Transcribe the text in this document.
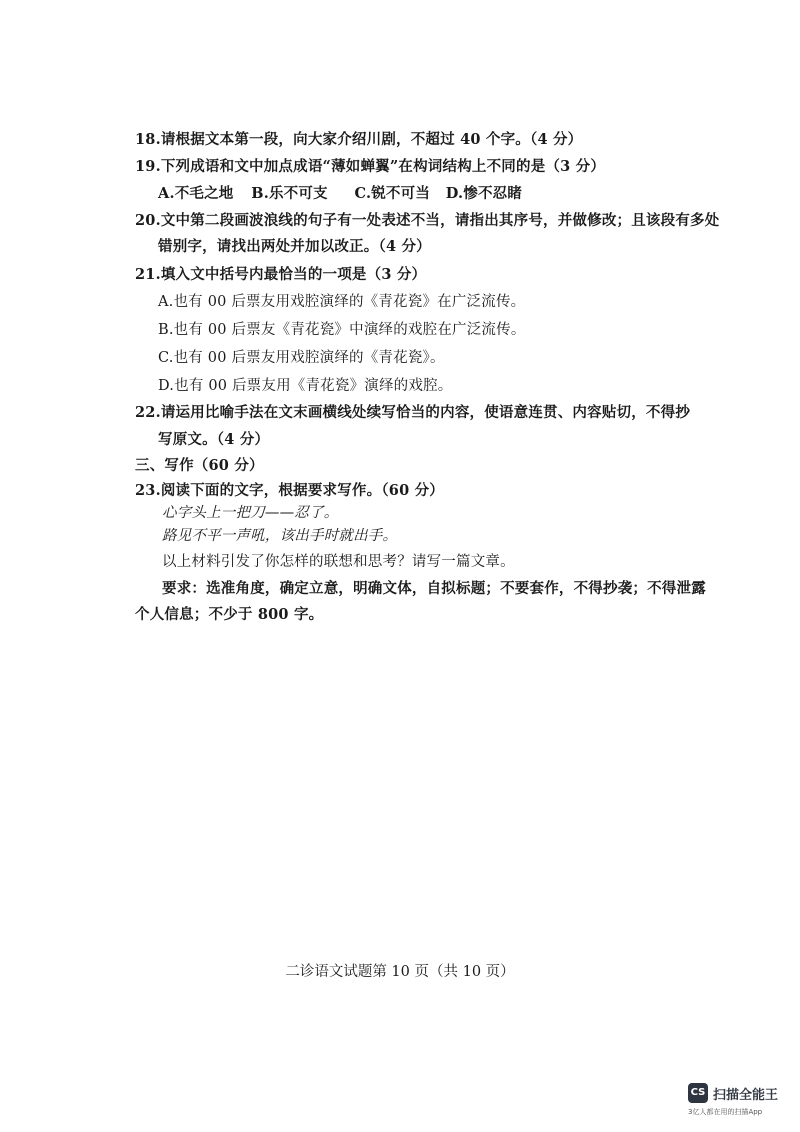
18.请根据文本第一段，向大家介绍川剧，不超过 40 个字。（4 分）
19.下列成语和文中加点成语“薄如蝉翼”在构词结构上不同的是（3 分）
A.不毛之地 B.乐不可支 C.锐不可当 D.惨不忍睹
20.文中第二段画波浪线的句子有一处表述不当，请指出其序号，并做修改；且该段有多处
错别字，请找出两处并加以改正。（4 分）
21.填入文中括号内最恰当的一项是（3 分）
A.也有 00 后票友用戏腔演绎的《青花瓷》在广泛流传。
B.也有 00 后票友《青花瓷》中演绎的戏腔在广泛流传。
C.也有 00 后票友用戏腔演绎的《青花瓷》。
D.也有 00 后票友用《青花瓷》演绎的戏腔。
22.请运用比喻手法在文末画横线处续写恰当的内容，使语意连贯、内容贴切，不得抄
写原文。（4 分）
三、写作（60 分）
23.阅读下面的文字，根据要求写作。（60 分）
心字头上一把刀——忍了。
路见不平一声吼，该出手时就出手。
以上材料引发了你怎样的联想和思考？请写一篇文章。
要求：选准角度，确定立意，明确文体，自拟标题；不要套作，不得抄袭；不得泄露
个人信息；不少于 800 字。
二诊语文试题第 10 页（共 10 页）
CS 扫描全能王
3亿人都在用的扫描App
